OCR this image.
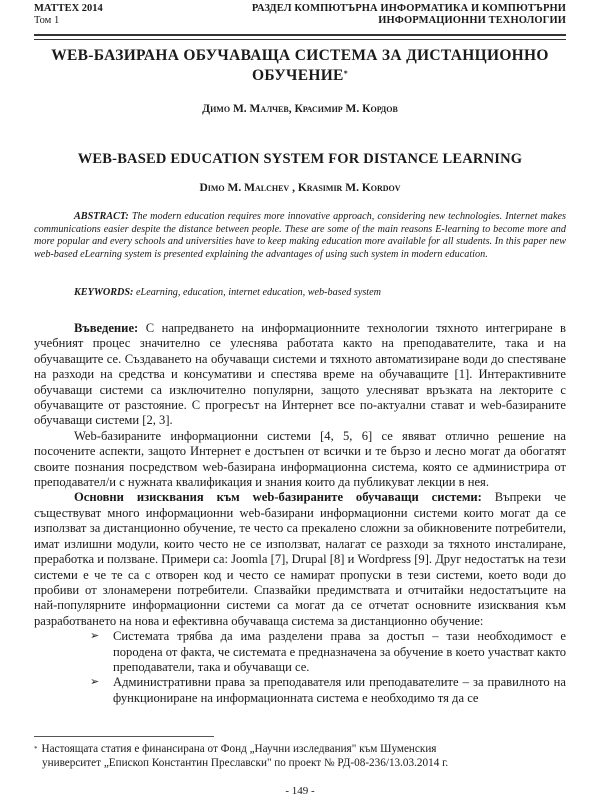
МАТТЕХ 2014
Том 1
РАЗДЕЛ КОМПЮТЪРНА ИНФОРМАТИКА И КОМПЮТЪРНИ
ИНФОРМАЦИОННИ ТЕХНОЛОГИИ
WEB-БАЗИРАНА ОБУЧАВАЩА СИСТЕМА ЗА ДИСТАНЦИОННО
ОБУЧЕНИЕ*
Димо М. Малчев, Красимир М. Кордов
WEB-BASED EDUCATION SYSTEM FOR DISTANCE LEARNING
Dimo M. Malchev , Krasimir M. Kordov
ABSTRACT: The modern education requires more innovative approach, considering new technologies. Internet makes communications easier despite the distance between people. These are some of the main reasons E-learning to become more and more popular and every schools and universities have to keep making education more available for all students. In this paper new web-based eLearning system is presented explaining the advantages of using such system in modern education.
KEYWORDS: eLearning, education, internet education, web-based system

Въведение: С напредването на информационните технологии тяхното интегриране в учебният процес значително се улеснява работата както на преподавателите, така и на обучаващите се. Създаването на обучаващи системи и тяхното автоматизиране води до спестяване на разходи на средства и консумативи и спестява време на обучаващите [1]. Интерактивните обучаващи системи са изключително популярни, защото улесняват връзката на лекторите с обучаващите от разстояние. С прогресът на Интернет все по-актуални стават и web-базираните обучаващи системи [2, 3].

Web-базираните информационни системи [4, 5, 6] се явяват отлично решение на посочените аспекти, защото Интернет е достъпен от всички и те бързо и лесно могат да обогатят своите познания посредством web-базирана информационна система, която се администрира от преподавател/и с нужната квалификация и знания които да публикуват лекции в нея.

Основни изисквания към web-базираните обучаващи системи: Въпреки че съществуват много информационни web-базирани информационни системи които могат да се използват за дистанционно обучение, те често са прекалено сложни за обикновените потребители, имат излишни модули, които често не се използват, налагат се разходи за тяхното инсталиране, преработка и ползване. Примери са: Joomla [7], Drupal [8] и Wordpress [9]. Друг недостатък на тези системи е че те са с отворен код и често се намират пропуски в тези системи, което води до пробиви от злонамерени потребители. Спазвайки предимствата и отчитайки недостатъците на най-популярните информационни системи са могат да се отчетат основните изисквания към разработването на нова и ефективна обучаваща система за дистанционно обучение:

➢ Системата трябва да има разделени права за достъп – тази необходимост е породена от факта, че системата е предназначена за обучение в което участват както преподаватели, така и обучаващи се.
➢ Административни права за преподавателя или преподавателите – за правилното на функциониране на информационната система е необходимо тя да се
* Настоящата статия е финансирана от Фонд „Научни изследвания" към Шуменския
университет „Епископ Константин Преславски" по проект № РД-08-236/13.03.2014 г.
- 149 -
